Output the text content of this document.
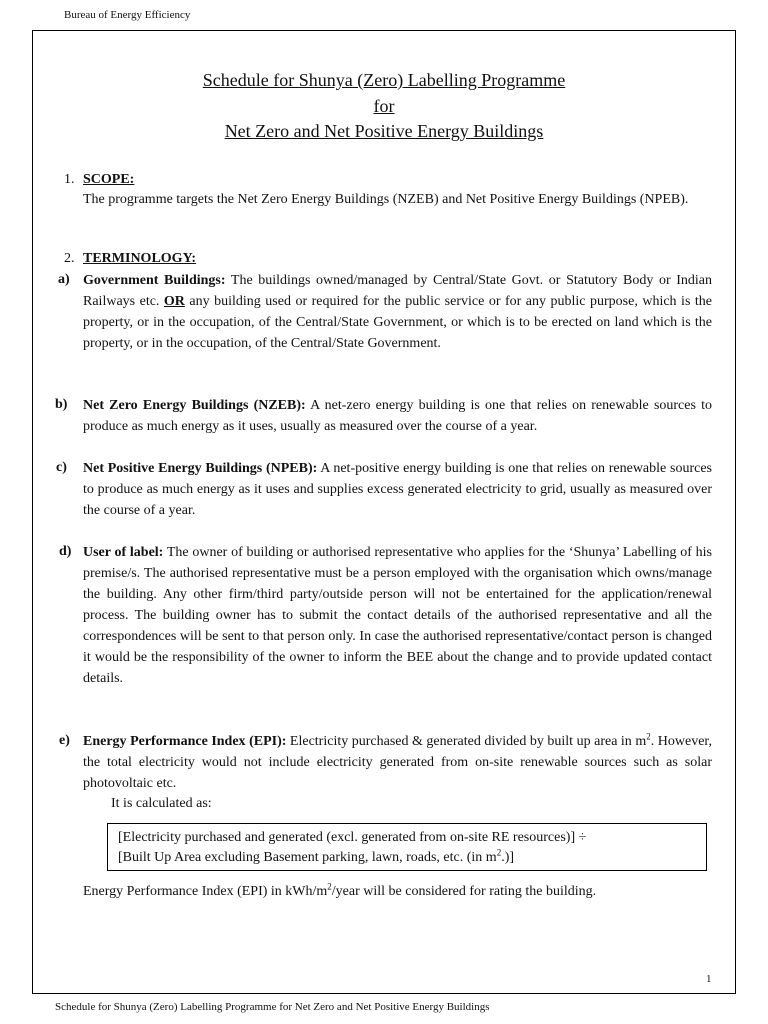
Bureau of Energy Efficiency
Schedule for Shunya (Zero) Labelling Programme
for
Net Zero and Net Positive Energy Buildings
1. SCOPE:
The programme targets the Net Zero Energy Buildings (NZEB) and Net Positive Energy Buildings (NPEB).
2. TERMINOLOGY:
a) Government Buildings: The buildings owned/managed by Central/State Govt. or Statutory Body or Indian Railways etc. OR any building used or required for the public service or for any public purpose, which is the property, or in the occupation, of the Central/State Government, or which is to be erected on land which is the property, or in the occupation, of the Central/State Government.
b) Net Zero Energy Buildings (NZEB): A net-zero energy building is one that relies on renewable sources to produce as much energy as it uses, usually as measured over the course of a year.
c) Net Positive Energy Buildings (NPEB): A net-positive energy building is one that relies on renewable sources to produce as much energy as it uses and supplies excess generated electricity to grid, usually as measured over the course of a year.
d) User of label: The owner of building or authorised representative who applies for the ‘Shunya’ Labelling of his premise/s. The authorised representative must be a person employed with the organisation which owns/manage the building. Any other firm/third party/outside person will not be entertained for the application/renewal process. The building owner has to submit the contact details of the authorised representative and all the correspondences will be sent to that person only. In case the authorised representative/contact person is changed it would be the responsibility of the owner to inform the BEE about the change and to provide updated contact details.
e) Energy Performance Index (EPI): Electricity purchased & generated divided by built up area in $m^2$. However, the total electricity would not include electricity generated from on-site renewable sources such as solar photovoltaic etc.
It is calculated as:
[Electricity purchased and generated (excl. generated from on-site RE resources)] ÷
[Built Up Area excluding Basement parking, lawn, roads, etc. (in $m^2$.)]
Energy Performance Index (EPI) in kWh/$m^2$/year will be considered for rating the building.
1
Schedule for Shunya (Zero) Labelling Programme for Net Zero and Net Positive Energy Buildings
